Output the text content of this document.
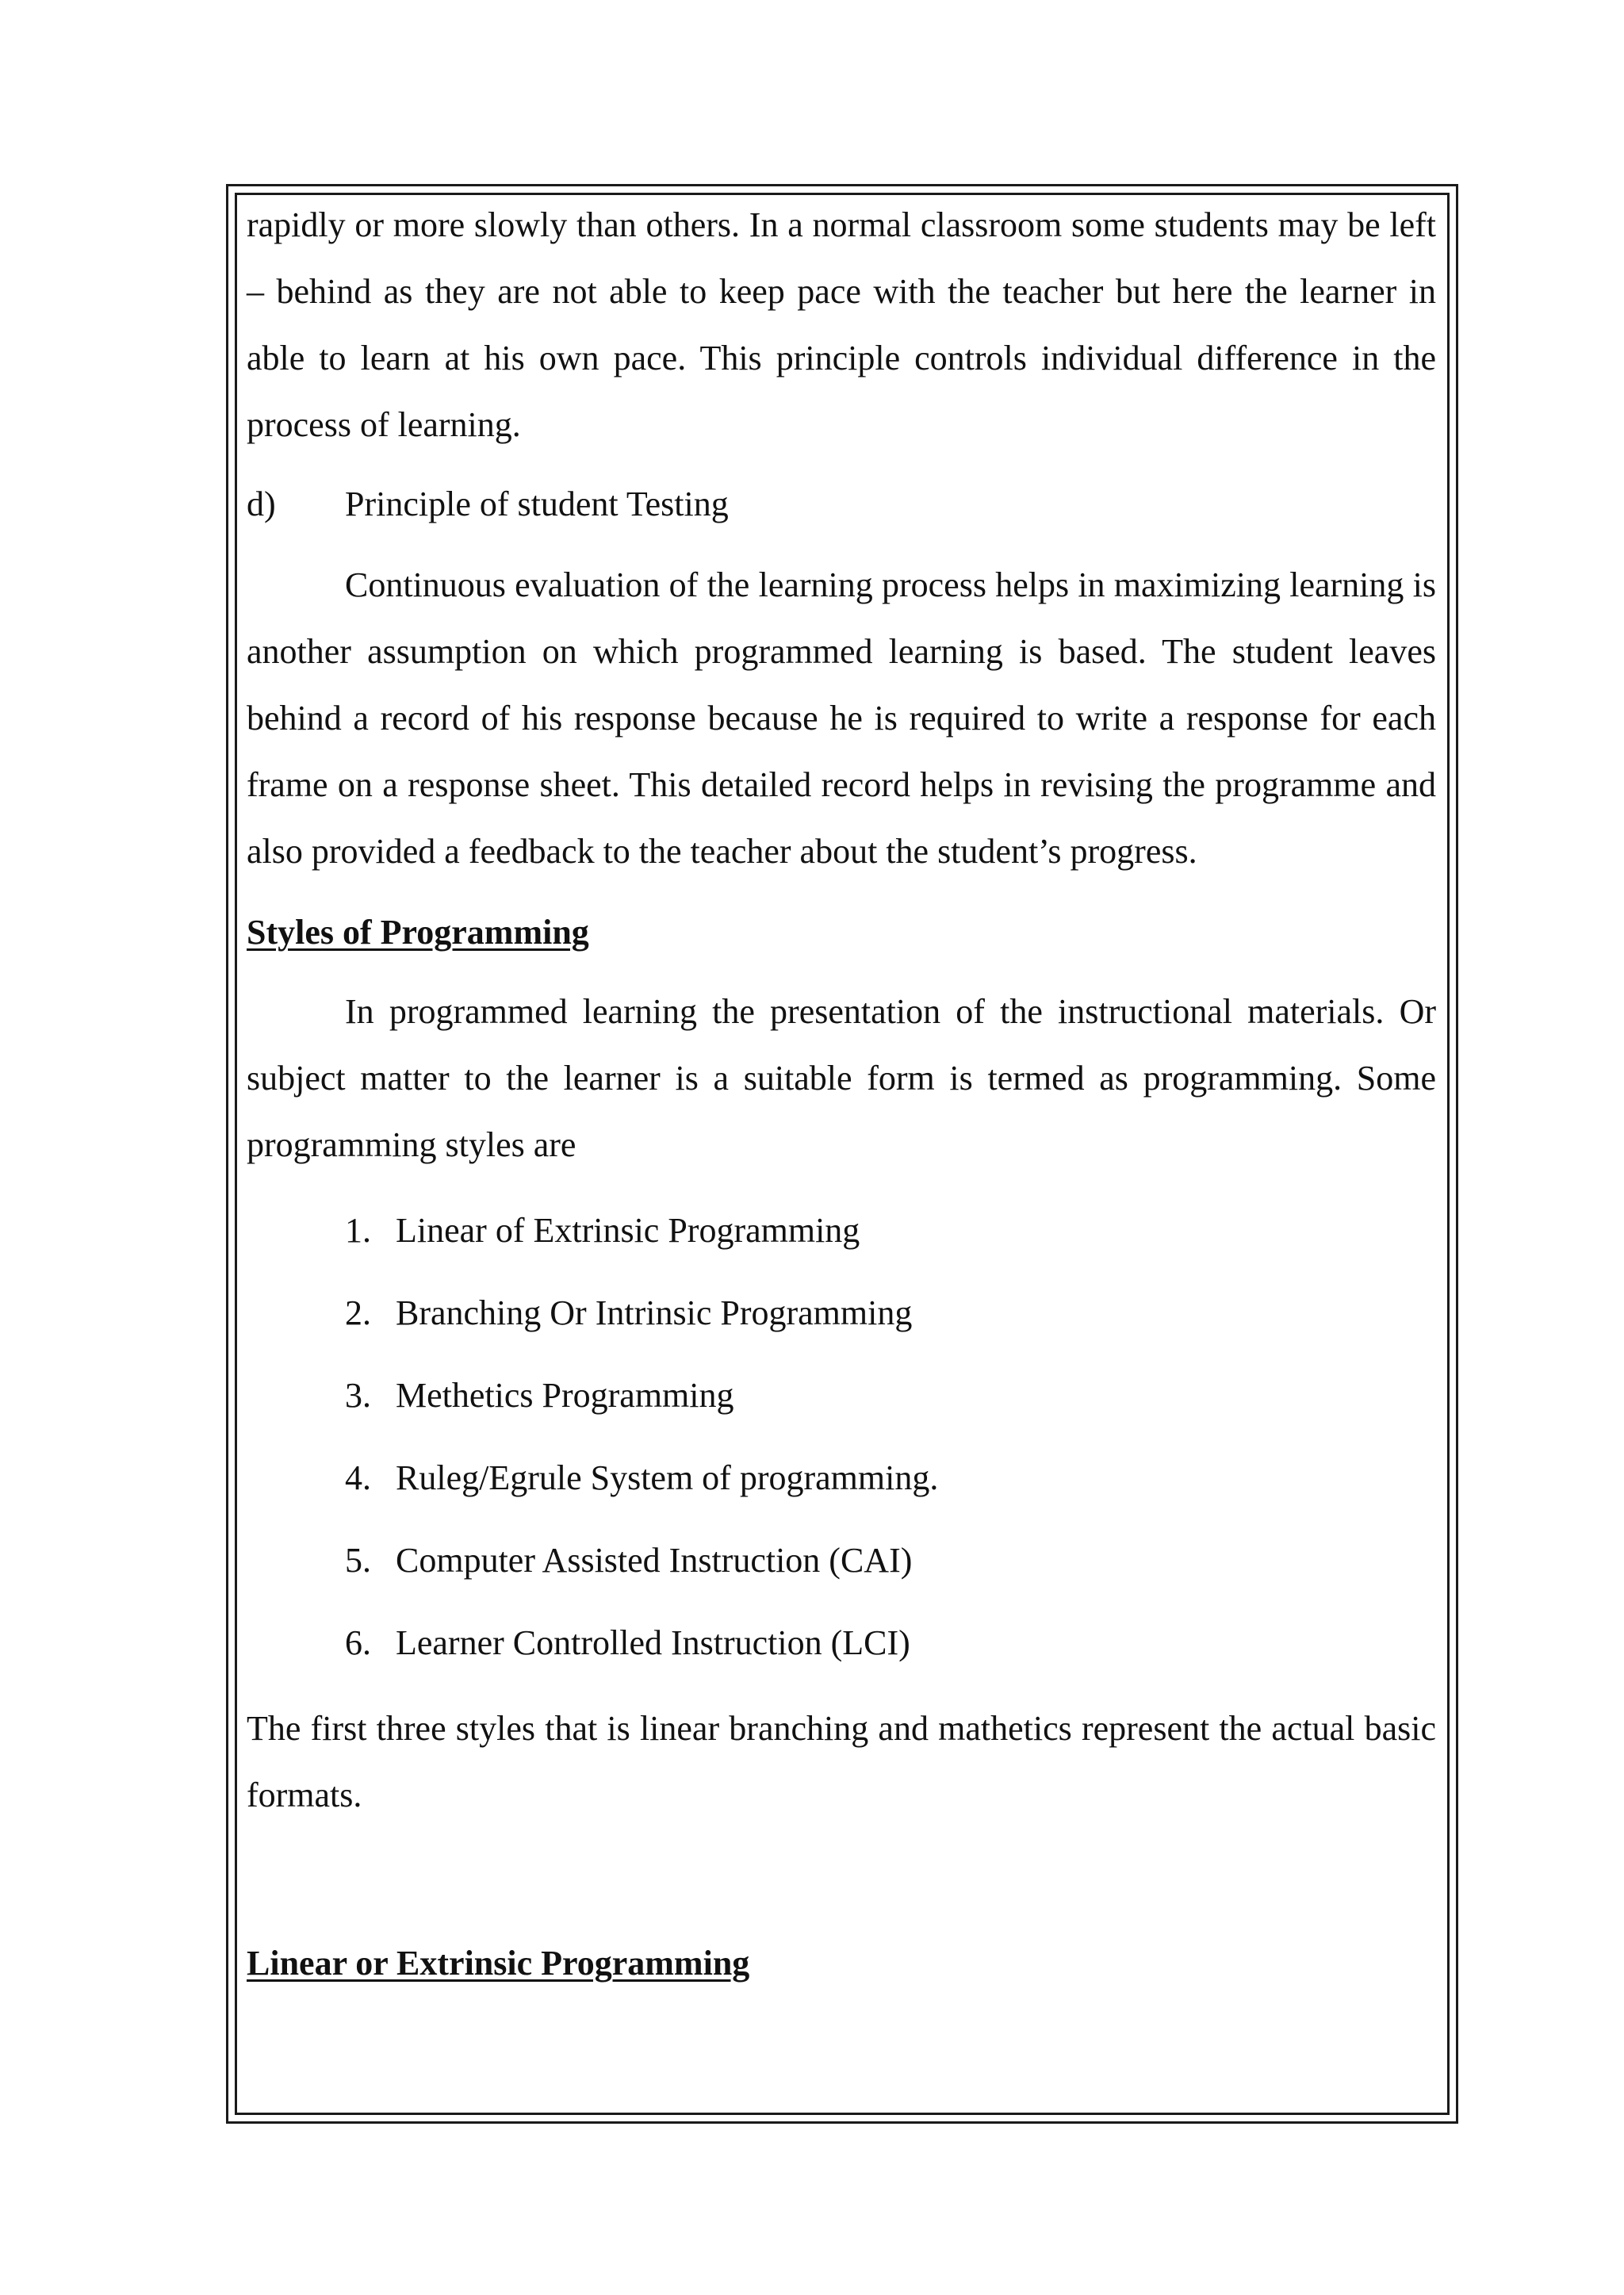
rapidly or more slowly than others. In a normal classroom some students may be left – behind as they are not able to keep pace with the teacher but here the learner in able to learn at his own pace. This principle controls individual difference in the process of learning.

d)	Principle of student Testing

Continuous evaluation of the learning process helps in maximizing learning is another assumption on which programmed learning is based. The student leaves behind a record of his response because he is required to write a response for each frame on a response sheet. This detailed record helps in revising the programme and also provided a feedback to the teacher about the student’s progress.

Styles of Programming

In programmed learning the presentation of the instructional materials. Or subject matter to the learner is a suitable form is termed as programming. Some programming styles are

1. Linear of Extrinsic Programming
2. Branching Or Intrinsic Programming
3. Methetics Programming
4. Ruleg/Egrule System of programming.
5. Computer Assisted Instruction (CAI)
6. Learner Controlled Instruction (LCI)

The first three styles that is linear branching and mathetics represent the actual basic formats.

Linear or Extrinsic Programming
